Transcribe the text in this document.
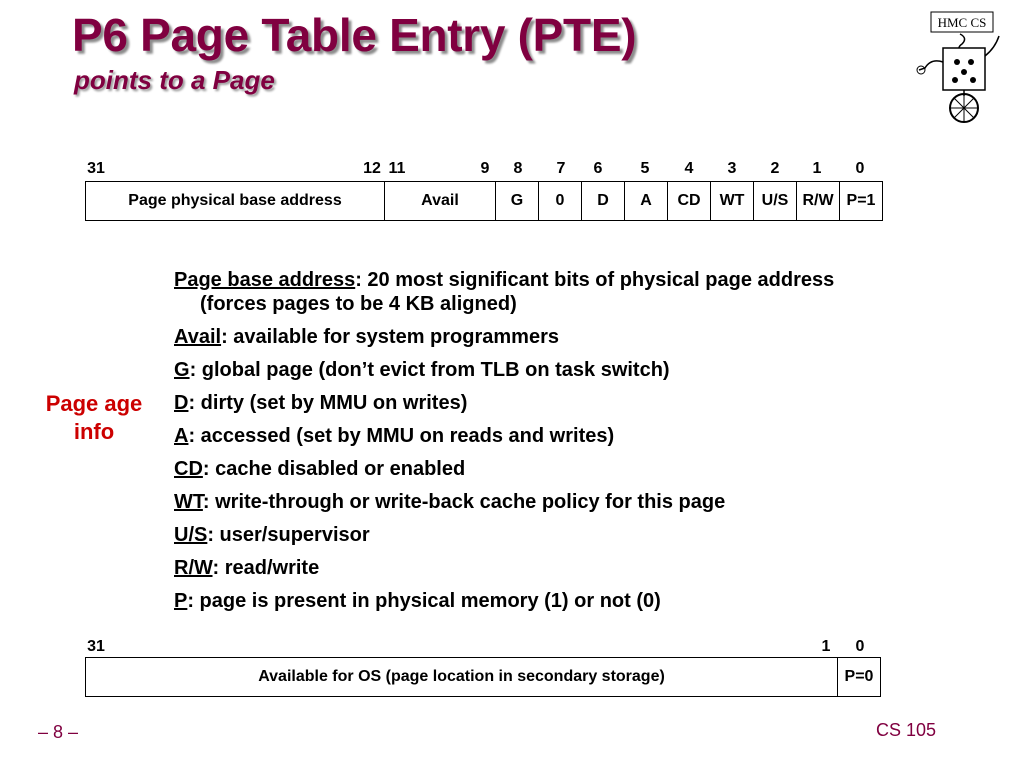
P6 Page Table Entry (PTE)
points to a Page
HMC CS
31	12 11	9 8 7 6 5 4 3 2 1 0
Page physical base address	Avail	G	0	D	A	CD	WT	U/S	R/W	P=1
Page age
info
Page base address: 20 most significant bits of physical page address (forces pages to be 4 KB aligned)
Avail: available for system programmers
G: global page (don’t evict from TLB on task switch)
D: dirty (set by MMU on writes)
A: accessed (set by MMU on reads and writes)
CD: cache disabled or enabled
WT: write-through or write-back cache policy for this page
U/S: user/supervisor
R/W: read/write
P: page is present in physical memory (1) or not (0)
31	1 0
Available for OS (page location in secondary storage)	P=0
– 8 –	CS 105
